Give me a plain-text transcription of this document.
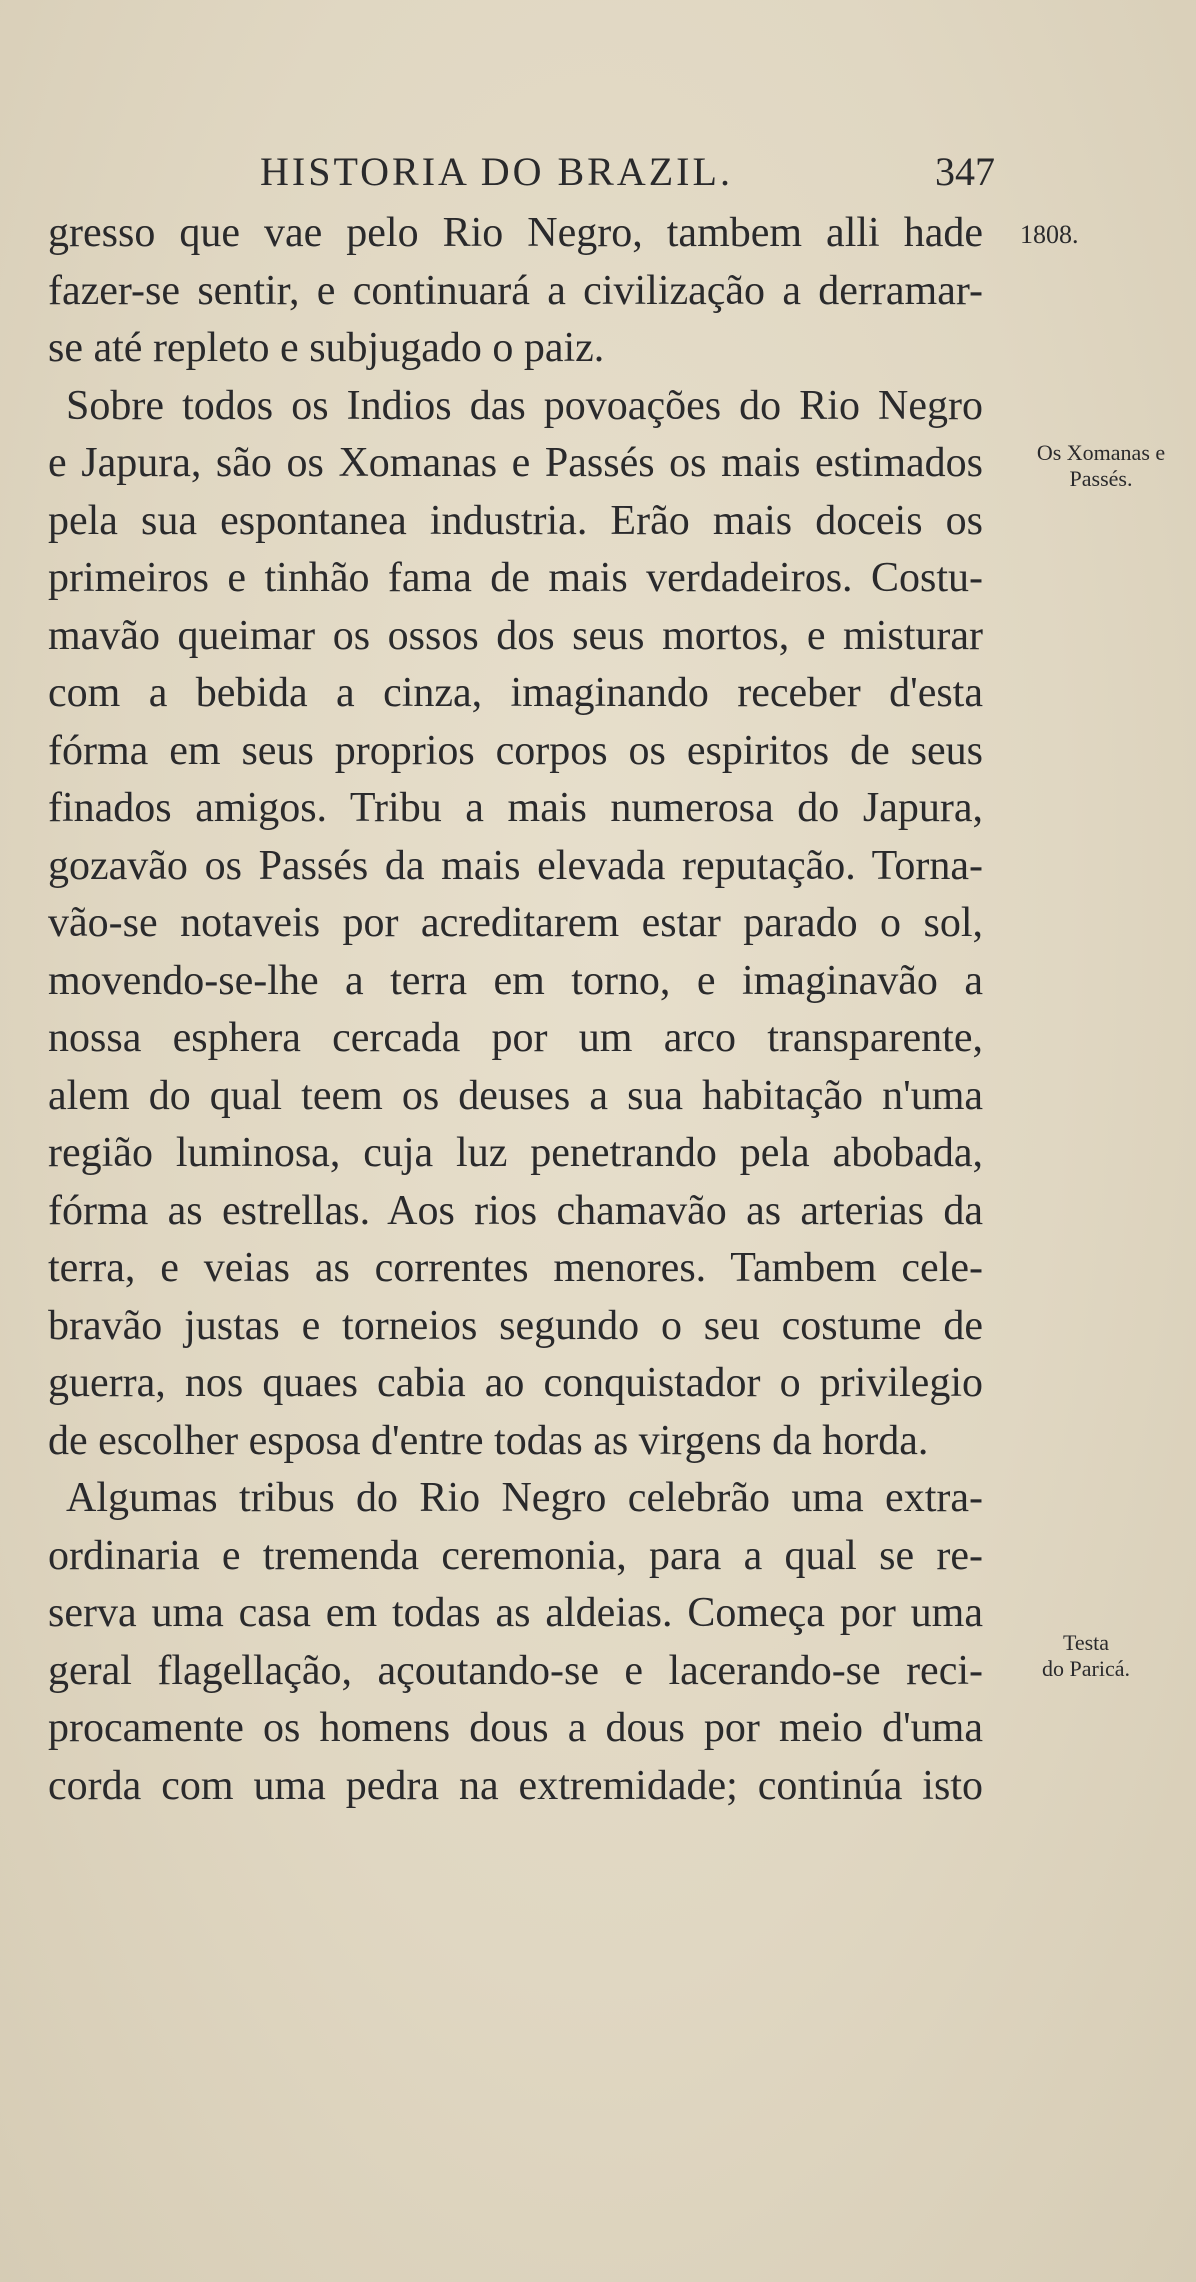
HISTORIA DO BRAZIL.	347
1808.
Os Xomanas e
Passés.
Testa
do Paricá.
gresso que vae pelo Rio Negro, tambem alli hade
fazer-se sentir, e continuará a civilização a derramar-
se até repleto e subjugado o paiz.
Sobre todos os Indios das povoações do Rio Negro
e Japura, são os Xomanas e Passés os mais estimados
pela sua espontanea industria. Erão mais doceis os
primeiros e tinhão fama de mais verdadeiros. Costu-
mavão queimar os ossos dos seus mortos, e misturar
com a bebida a cinza, imaginando receber d'esta
fórma em seus proprios corpos os espiritos de seus
finados amigos. Tribu a mais numerosa do Japura,
gozavão os Passés da mais elevada reputação. Torna-
vão-se notaveis por acreditarem estar parado o sol,
movendo-se-lhe a terra em torno, e imaginavão a
nossa esphera cercada por um arco transparente,
alem do qual teem os deuses a sua habitação n'uma
região luminosa, cuja luz penetrando pela abobada,
fórma as estrellas. Aos rios chamavão as arterias da
terra, e veias as correntes menores. Tambem cele-
bravão justas e torneios segundo o seu costume de
guerra, nos quaes cabia ao conquistador o privilegio
de escolher esposa d'entre todas as virgens da horda.
Algumas tribus do Rio Negro celebrão uma extra-
ordinaria e tremenda ceremonia, para a qual se re-
serva uma casa em todas as aldeias. Começa por uma
geral flagellação, açoutando-se e lacerando-se reci-
procamente os homens dous a dous por meio d'uma
corda com uma pedra na extremidade; continúa isto
